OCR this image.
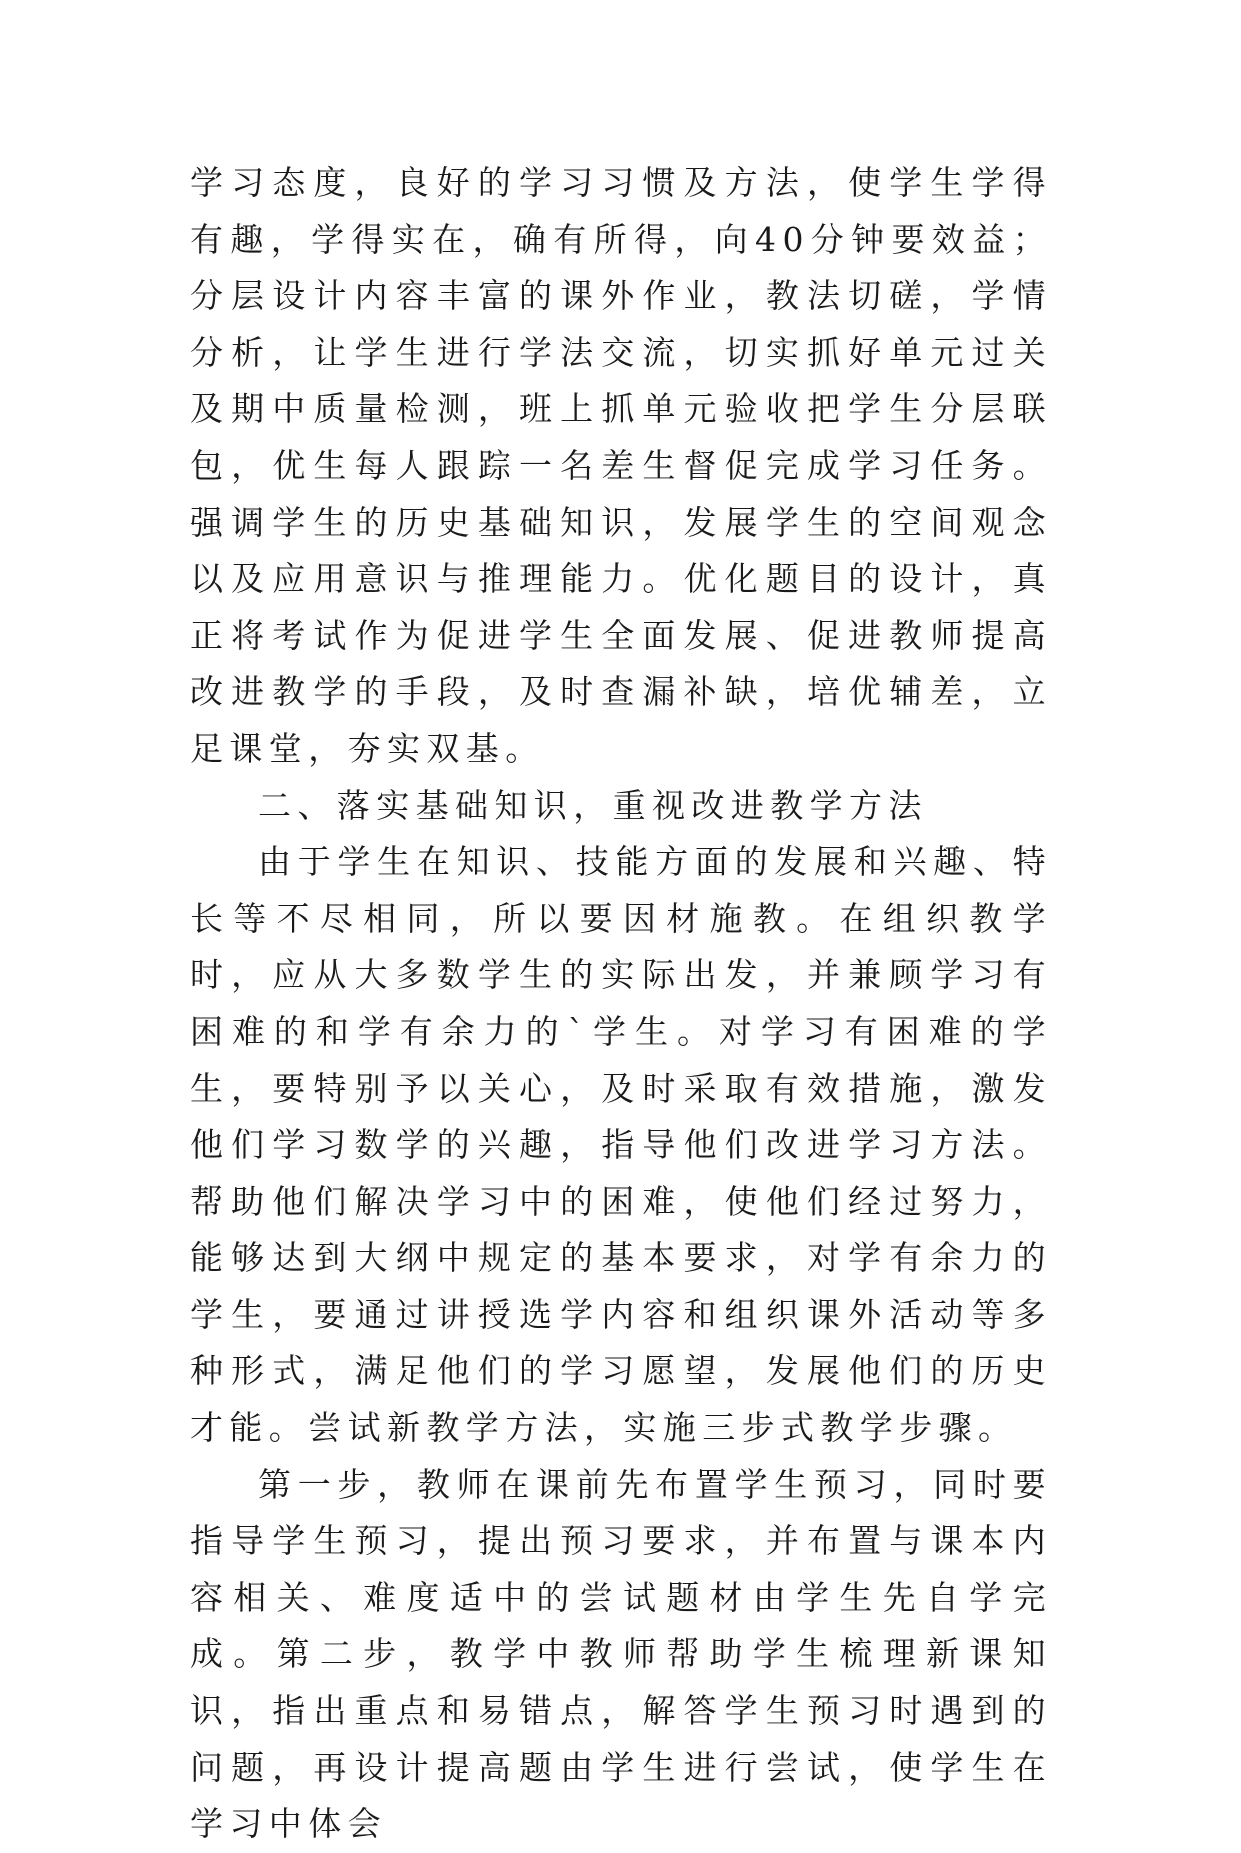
学习态度，良好的学习习惯及方法，使学生学得有趣，学得实在，确有所得，向40分钟要效益；分层设计内容丰富的课外作业，教法切磋，学情分析，让学生进行学法交流，切实抓好单元过关及期中质量检测，班上抓单元验收把学生分层联包，优生每人跟踪一名差生督促完成学习任务。强调学生的历史基础知识，发展学生的空间观念以及应用意识与推理能力。优化题目的设计，真正将考试作为促进学生全面发展、促进教师提高改进教学的手段，及时查漏补缺，培优辅差，立足课堂，夯实双基。

二、落实基础知识，重视改进教学方法

由于学生在知识、技能方面的发展和兴趣、特长等不尽相同，所以要因材施教。在组织教学时，应从大多数学生的实际出发，并兼顾学习有困难的和学有余力的`学生。对学习有困难的学生，要特别予以关心，及时采取有效措施，激发他们学习数学的兴趣，指导他们改进学习方法。帮助他们解决学习中的困难，使他们经过努力，能够达到大纲中规定的基本要求，对学有余力的学生，要通过讲授选学内容和组织课外活动等多种形式，满足他们的学习愿望，发展他们的历史才能。尝试新教学方法，实施三步式教学步骤。

第一步，教师在课前先布置学生预习，同时要指导学生预习，提出预习要求，并布置与课本内容相关、难度适中的尝试题材由学生先自学完成。第二步，教学中教师帮助学生梳理新课知识，指出重点和易错点，解答学生预习时遇到的问题，再设计提高题由学生进行尝试，使学生在学习中体会
